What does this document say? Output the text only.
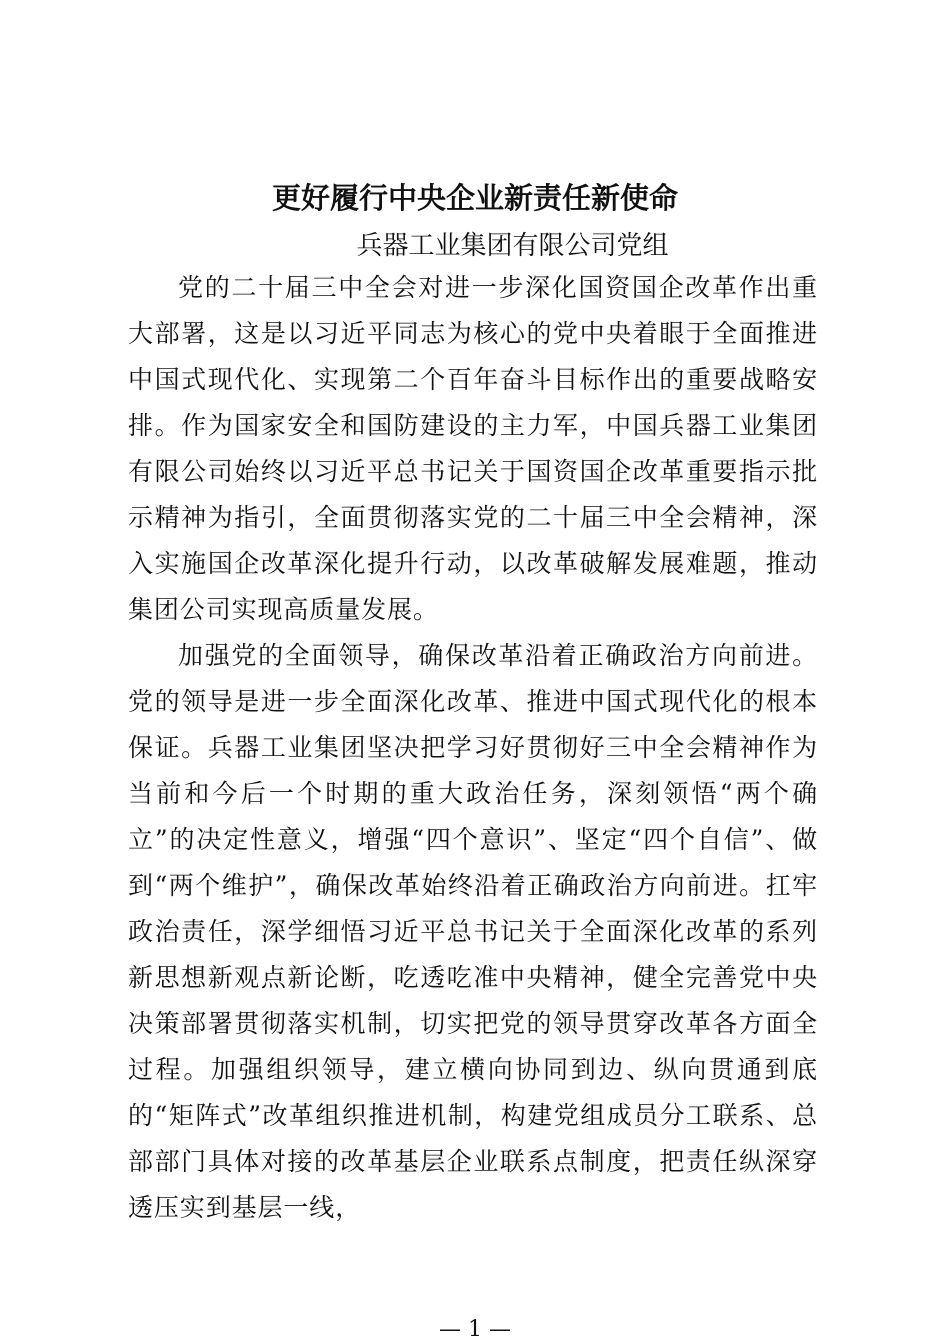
更好履行中央企业新责任新使命
兵器工业集团有限公司党组

党的二十届三中全会对进一步深化国资国企改革作出重大部署，这是以习近平同志为核心的党中央着眼于全面推进中国式现代化、实现第二个百年奋斗目标作出的重要战略安排。作为国家安全和国防建设的主力军，中国兵器工业集团有限公司始终以习近平总书记关于国资国企改革重要指示批示精神为指引，全面贯彻落实党的二十届三中全会精神，深入实施国企改革深化提升行动，以改革破解发展难题，推动集团公司实现高质量发展。

加强党的全面领导，确保改革沿着正确政治方向前进。党的领导是进一步全面深化改革、推进中国式现代化的根本保证。兵器工业集团坚决把学习好贯彻好三中全会精神作为当前和今后一个时期的重大政治任务，深刻领悟“两个确立”的决定性意义，增强“四个意识”、坚定“四个自信”、做到“两个维护”，确保改革始终沿着正确政治方向前进。扛牢政治责任，深学细悟习近平总书记关于全面深化改革的系列新思想新观点新论断，吃透吃准中央精神，健全完善党中央决策部署贯彻落实机制，切实把党的领导贯穿改革各方面全过程。加强组织领导，建立横向协同到边、纵向贯通到底的“矩阵式”改革组织推进机制，构建党组成员分工联系、总部部门具体对接的改革基层企业联系点制度，把责任纵深穿透压实到基层一线，

— 1 —
